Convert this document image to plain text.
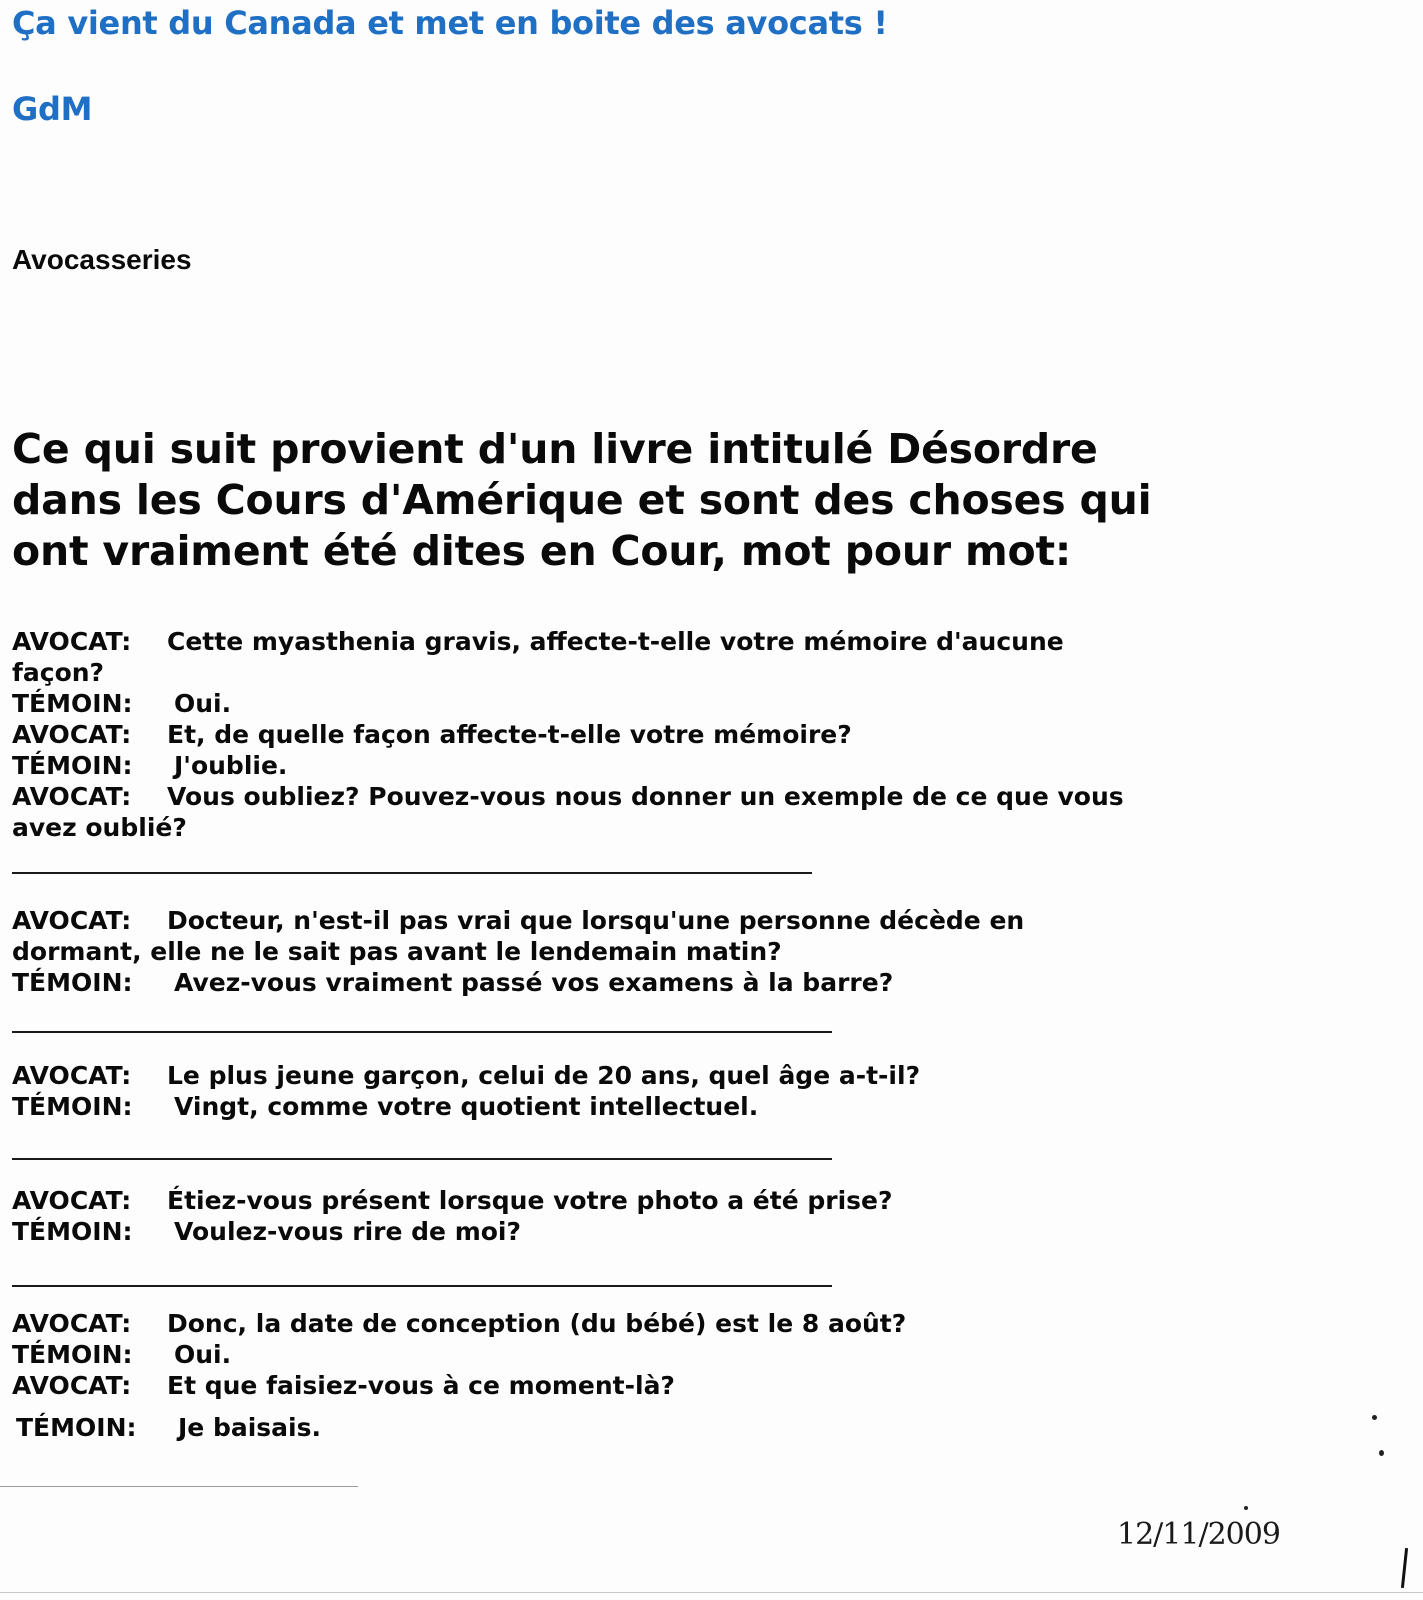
Ça vient du Canada et met en boite des avocats !
GdM
Avocasseries
Ce qui suit provient d'un livre intitulé Désordre
dans les Cours d'Amérique et sont des choses qui
ont vraiment été dites en Cour, mot pour mot:
AVOCAT: Cette myasthenia gravis, affecte-t-elle votre mémoire d'aucune
façon?
TÉMOIN: Oui.
AVOCAT: Et, de quelle façon affecte-t-elle votre mémoire?
TÉMOIN: J'oublie.
AVOCAT: Vous oubliez? Pouvez-vous nous donner un exemple de ce que vous
avez oublié?
AVOCAT: Docteur, n'est-il pas vrai que lorsqu'une personne décède en
dormant, elle ne le sait pas avant le lendemain matin?
TÉMOIN: Avez-vous vraiment passé vos examens à la barre?
AVOCAT: Le plus jeune garçon, celui de 20 ans, quel âge a-t-il?
TÉMOIN: Vingt, comme votre quotient intellectuel.
AVOCAT: Étiez-vous présent lorsque votre photo a été prise?
TÉMOIN: Voulez-vous rire de moi?
AVOCAT: Donc, la date de conception (du bébé) est le 8 août?
TÉMOIN: Oui.
AVOCAT: Et que faisiez-vous à ce moment-là?
TÉMOIN: Je baisais.
12/11/2009
